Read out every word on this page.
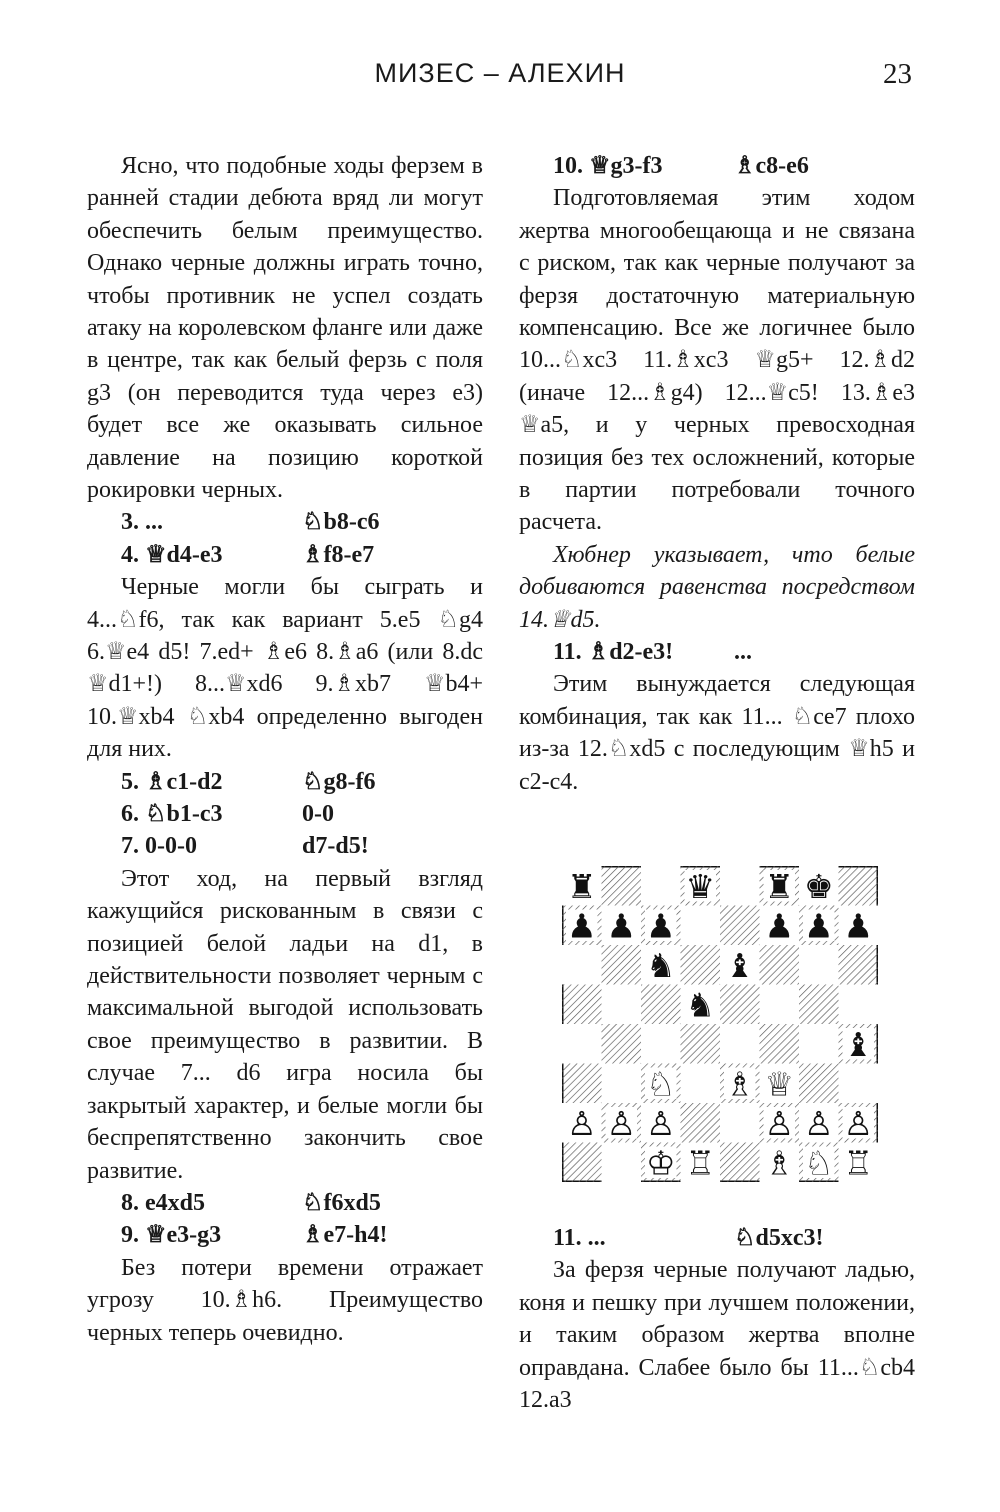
МИЗЕС – АЛЕХИН	23

Ясно, что подобные ходы ферзем в ранней стадии дебюта вряд ли могут обеспечить белым преимущество. Однако черные должны играть точно, чтобы противник не успел создать атаку на королевском фланге или даже в центре, так как белый ферзь с поля g3 (он переводится туда через е3) будет все же оказывать сильное давление на позицию короткой рокировки черных.

3. ...	♘b8-c6
4. ♕d4-e3	♗f8-e7

Черные могли бы сыграть и 4...♘f6, так как вариант 5.e5 ♘g4 6.♕e4 d5! 7.ed+ ♗e6 8.♗a6 (или 8.dc ♕d1+!) 8...♕xd6 9.♗xb7 ♕b4+ 10.♕xb4 ♘xb4 определенно выгоден для них.

5. ♗c1-d2	♘g8-f6
6. ♘b1-c3	0-0
7. 0-0-0	d7-d5!

Этот ход, на первый взгляд кажущийся рискованным в связи с позицией белой ладьи на d1, в действительности позволяет черным с максимальной выгодой использовать свое преимущество в развитии. В случае 7... d6 игра носила бы закрытый характер, и белые могли бы беспрепятственно закончить свое развитие.

8. e4xd5	♘f6xd5
9. ♕e3-g3	♗e7-h4!

Без потери времени отражает угрозу 10.♗h6. Преимущество черных теперь очевидно.

10. ♕g3-f3	♗c8-e6

Подготовляемая этим ходом жертва многообещающа и не связана с риском, так как черные получают за ферзя достаточную материальную компенсацию. Все же логичнее было 10...♘xc3 11.♗xc3 ♕g5+ 12.♗d2 (иначе 12...♗g4) 12...♕c5! 13.♗e3 ♕a5, и у черных превосходная позиция без тех осложнений, которые в партии потребовали точного расчета.

Хюбнер указывает, что белые добиваются равенства посредством 14.♕d5.

11. ♗d2-e3!	...

Этим вынуждается следующая комбинация, так как 11... ♘ce7 плохо из-за 12.♘xd5 с последующим ♕h5 и c2-c4.

♜	♛ ♜ ♚
♟ ♟ ♟	♟ ♟ ♟
♞ ♝
♞
♝
♘ ♗ ♕
♙ ♙ ♙	♙ ♙ ♙
♔ ♖ ♗ ♘ ♖
11. ...	♘d5xc3!

За ферзя черные получают ладью, коня и пешку при лучшем положении, и таким образом жертва вполне оправдана. Слабее было бы 11...♘cb4 12.a3
